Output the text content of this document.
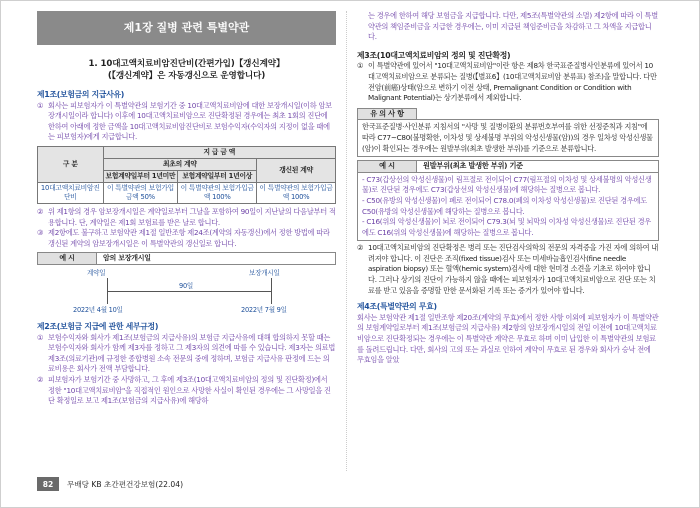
제1장 질병 관련 특별약관
1. 10대고액치료비암진단비(간편가입)【갱신계약】
(【갱신계약】은 자동갱신으로 운영합니다)
제1조(보험금의 지급사유)
① 회사는 피보험자가 이 특별약관의 보험기간 중 10대고액치료비암에 대한 보장개시일(이하 암보장개시일이라 합니다) 이후에 10대고액치료비암으로 진단확정된 경우에는 최초 1회의 진단에 한하여 아래에 정한 금액을 10대고액치료비암진단비로 보험수익자(수익자의 지정이 없을 때에는 피보험자)에게 지급합니다.
구 분	지 급 금 액		
	최초의 계약		갱신된 계약
	보험계약일부터 1년미만	보험계약일부터 1년이상	
10대고액치료비암진단비	이 특별약관의 보험가입금액 50%	이 특별약관의 보험가입금액 100%	이 특별약관의 보험가입금액 100%
② 위 제1항의 경우 암보장개시일은 계약일로부터 그날을 포함하여 90일이 지난날의 다음날부터 적용합니다. 단, 계약일은 제1회 보험료를 받은 날로 합니다.
③ 제2항에도 불구하고 보험약관 제1절 일반조항 제24조(계약의 자동갱신)에서 정한 방법에 따라 갱신된 계약의 암보장개시일은 이 특별약관의 갱신일로 합니다.
예 시	암의 보장개시일
계약일	보장개시일
90일
2022년 4월 10일	2022년 7월 9일
제2조(보험금 지급에 관한 세부규정)
① 보험수익자와 회사가 제1조(보험금의 지급사유)의 보험금 지급사유에 대해 합의하지 못할 때는 보험수익자와 회사가 함께 제3자를 정하고 그 제3자의 의견에 따를 수 있습니다. 제3자는 의료법 제3조(의료기관)에 규정한 종합병원 소속 전문의 중에 정하며, 보험금 지급사유 판정에 드는 의료비용은 회사가 전액 부담합니다.
② 피보험자가 보험기간 중 사망하고, 그 후에 제3조(10대고액치료비암의 정의 및 진단확정)에서 정한 "10대고액치료비암"을 직접적인 원인으로 사망한 사실이 확인된 경우에는 그 사망일을 진단 확정일로 보고 제1조(보험금의 지급사유)에 해당하
는 경우에 한하여 해당 보험금을 지급합니다. 다만, 제5조(특별약관의 소멸) 제2항에 따라 이 특별약관의 책임준비금을 지급한 경우에는, 이미 지급된 책임준비금을 차감하고 그 차액을 지급합니다.
제3조(10대고액치료비암의 정의 및 진단확정)
① 이 특별약관에 있어서 "10대고액치료비암"이란 항은 제8차 한국표준질병사인분류에 있어서 10대고액치료비암으로 분류되는 질병(【별표6】(10대고액치료비암 분류표) 참조)을 말합니다. 다만 전암(前癌)상태(암으로 변하기 이전 상태, Premalignant Condition or Condition with Malignant Potential)는 상기분류에서 제외합니다.
유 의 사 항
한국표준질병·사인분류 지침서의 "사망 및 질병이환의 분류번호부여를 위한 선정준칙과 지침"에 따라 C77~C80(불명확한, 이차성 및 상세불명 부위의 악성신생물(암))의 경우 일차성 악성신생물(암)이 확인되는 경우에는 원발부위(최초 발생한 부위)를 기준으로 분류합니다.
예 시	원발부위(최초 발생한 부위) 기준
- C73(갑상선의 악성신생물)이 림프절로 전이되어 C77(림프절의 이차성 및 상세불명의 악성신생물)로 진단된 경우에도 C73(갑상선의 악성신생물)에 해당하는 질병으로 봅니다.
- C50(유방의 악성신생물)이 폐로 전이되어 C78.0(폐의 이차성 악성신생물)로 진단된 경우에도 C50(유방의 악성신생물)에 해당하는 질병으로 봅니다.
- C16(위의 악성신생물)이 뇌로 전이되어 C79.3(뇌 및 뇌막의 이차성 악성신생물)로 진단된 경우에도 C16(위의 악성신생물)에 해당하는 질병으로 봅니다.
② 10대고액치료비암의 진단확정은 병리 또는 진단검사의학의 전문의 자격증을 가진 자에 의하여 내려져야 합니다. 이 진단은 조직(fixed tissue)검사 또는 미세바늘흡인검사(fine needle aspiration biopsy) 또는 혈액(hemic system)검사에 대한 현미경 소견을 기초로 하여야 합니다. 그러나 상기의 진단이 가능하지 않을 때에는 피보험자가 10대고액치료비암으로 진단 또는 치료를 받고 있음을 증명할 만한 문서화된 기록 또는 증거가 있어야 합니다.
제4조(특별약관의 무효)
회사는 보험약관 제1절 일반조항 제20조(계약의 무효)에서 정한 사항 이외에 피보험자가 이 특별약관의 보험계약일로부터 제1조(보험금의 지급사유) 제2항의 암보장개시일의 전일 이전에 10대고액치료비암으로 진단확정되는 경우에는 이 특별약관 계약은 무효로 하며 이미 납입한 이 특별약관의 보험료를 돌려드립니다. 다만, 회사의 고의 또는 과실로 인하여 계약이 무효로 된 경우와 회사가 승낙 전에 무효임을 알았
82	무배당 KB 초간편건강보험(22.04)
